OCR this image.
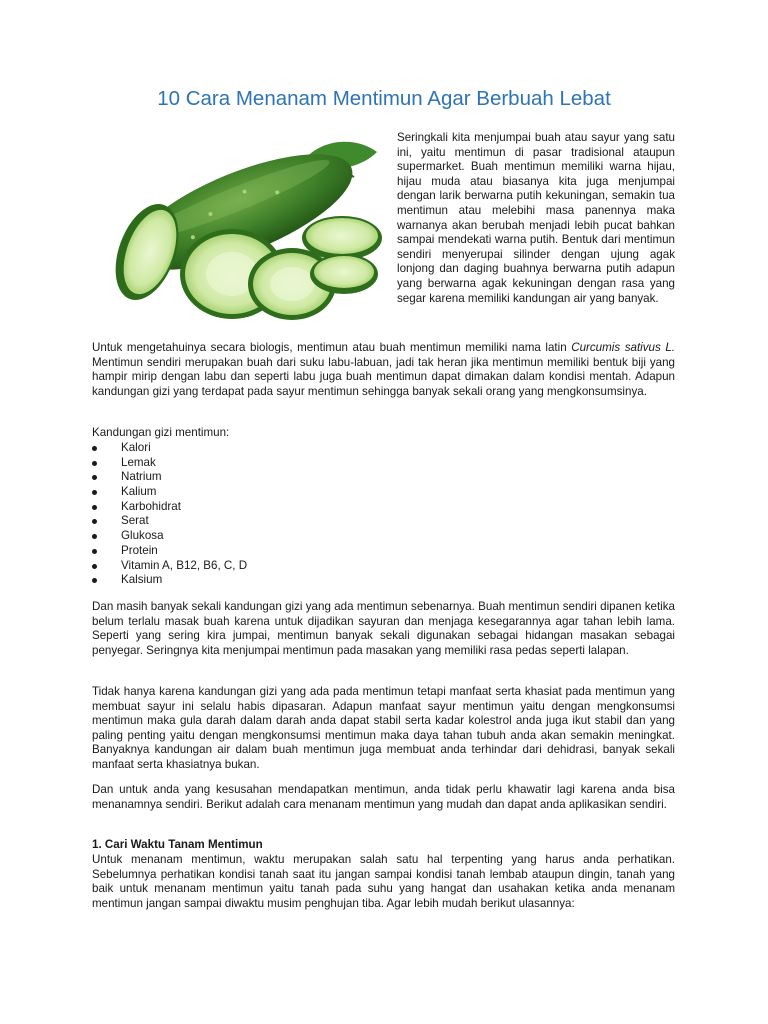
10 Cara Menanam Mentimun Agar Berbuah Lebat

Seringkali kita menjumpai buah atau sayur yang satu ini, yaitu mentimun di pasar tradisional ataupun supermarket. Buah mentimun memiliki warna hijau, hijau muda atau biasanya kita juga menjumpai dengan larik berwarna putih kekuningan, semakin tua mentimun atau melebihi masa panennya maka warnanya akan berubah menjadi lebih pucat bahkan sampai mendekati warna putih. Bentuk dari mentimun sendiri menyerupai silinder dengan ujung agak lonjong dan daging buahnya berwarna putih adapun yang berwarna agak kekuningan dengan rasa yang segar karena memiliki kandungan air yang banyak.

Untuk mengetahuinya secara biologis, mentimun atau buah mentimun memiliki nama latin Curcumis sativus L. Mentimun sendiri merupakan buah dari suku labu-labuan, jadi tak heran jika mentimun memiliki bentuk biji yang hampir mirip dengan labu dan seperti labu juga buah mentimun dapat dimakan dalam kondisi mentah. Adapun kandungan gizi yang terdapat pada sayur mentimun sehingga banyak sekali orang yang mengkonsumsinya.

Kandungan gizi mentimun:

Kalori
Lemak
Natrium
Kalium
Karbohidrat
Serat
Glukosa
Protein
Vitamin A, B12, B6, C, D
Kalsium

Dan masih banyak sekali kandungan gizi yang ada mentimun sebenarnya. Buah mentimun sendiri dipanen ketika belum terlalu masak buah karena untuk dijadikan sayuran dan menjaga kesegarannya agar tahan lebih lama. Seperti yang sering kira jumpai, mentimun banyak sekali digunakan sebagai hidangan masakan sebagai penyegar. Seringnya kita menjumpai mentimun pada masakan yang memiliki rasa pedas seperti lalapan.

Tidak hanya karena kandungan gizi yang ada pada mentimun tetapi manfaat serta khasiat pada mentimun yang membuat sayur ini selalu habis dipasaran. Adapun manfaat sayur mentimun yaitu dengan mengkonsumsi mentimun maka gula darah dalam darah anda dapat stabil serta kadar kolestrol anda juga ikut stabil dan yang paling penting yaitu dengan mengkonsumsi mentimun maka daya tahan tubuh anda akan semakin meningkat. Banyaknya kandungan air dalam buah mentimun juga membuat anda terhindar dari dehidrasi, banyak sekali manfaat serta khasiatnya bukan.

Dan untuk anda yang kesusahan mendapatkan mentimun, anda tidak perlu khawatir lagi karena anda bisa menanamnya sendiri. Berikut adalah cara menanam mentimun yang mudah dan dapat anda aplikasikan sendiri.

1. Cari Waktu Tanam Mentimun

Untuk menanam mentimun, waktu merupakan salah satu hal terpenting yang harus anda perhatikan. Sebelumnya perhatikan kondisi tanah saat itu jangan sampai kondisi tanah lembab ataupun dingin, tanah yang baik untuk menanam mentimun yaitu tanah pada suhu yang hangat dan usahakan ketika anda menanam mentimun jangan sampai diwaktu musim penghujan tiba. Agar lebih mudah berikut ulasannya:
